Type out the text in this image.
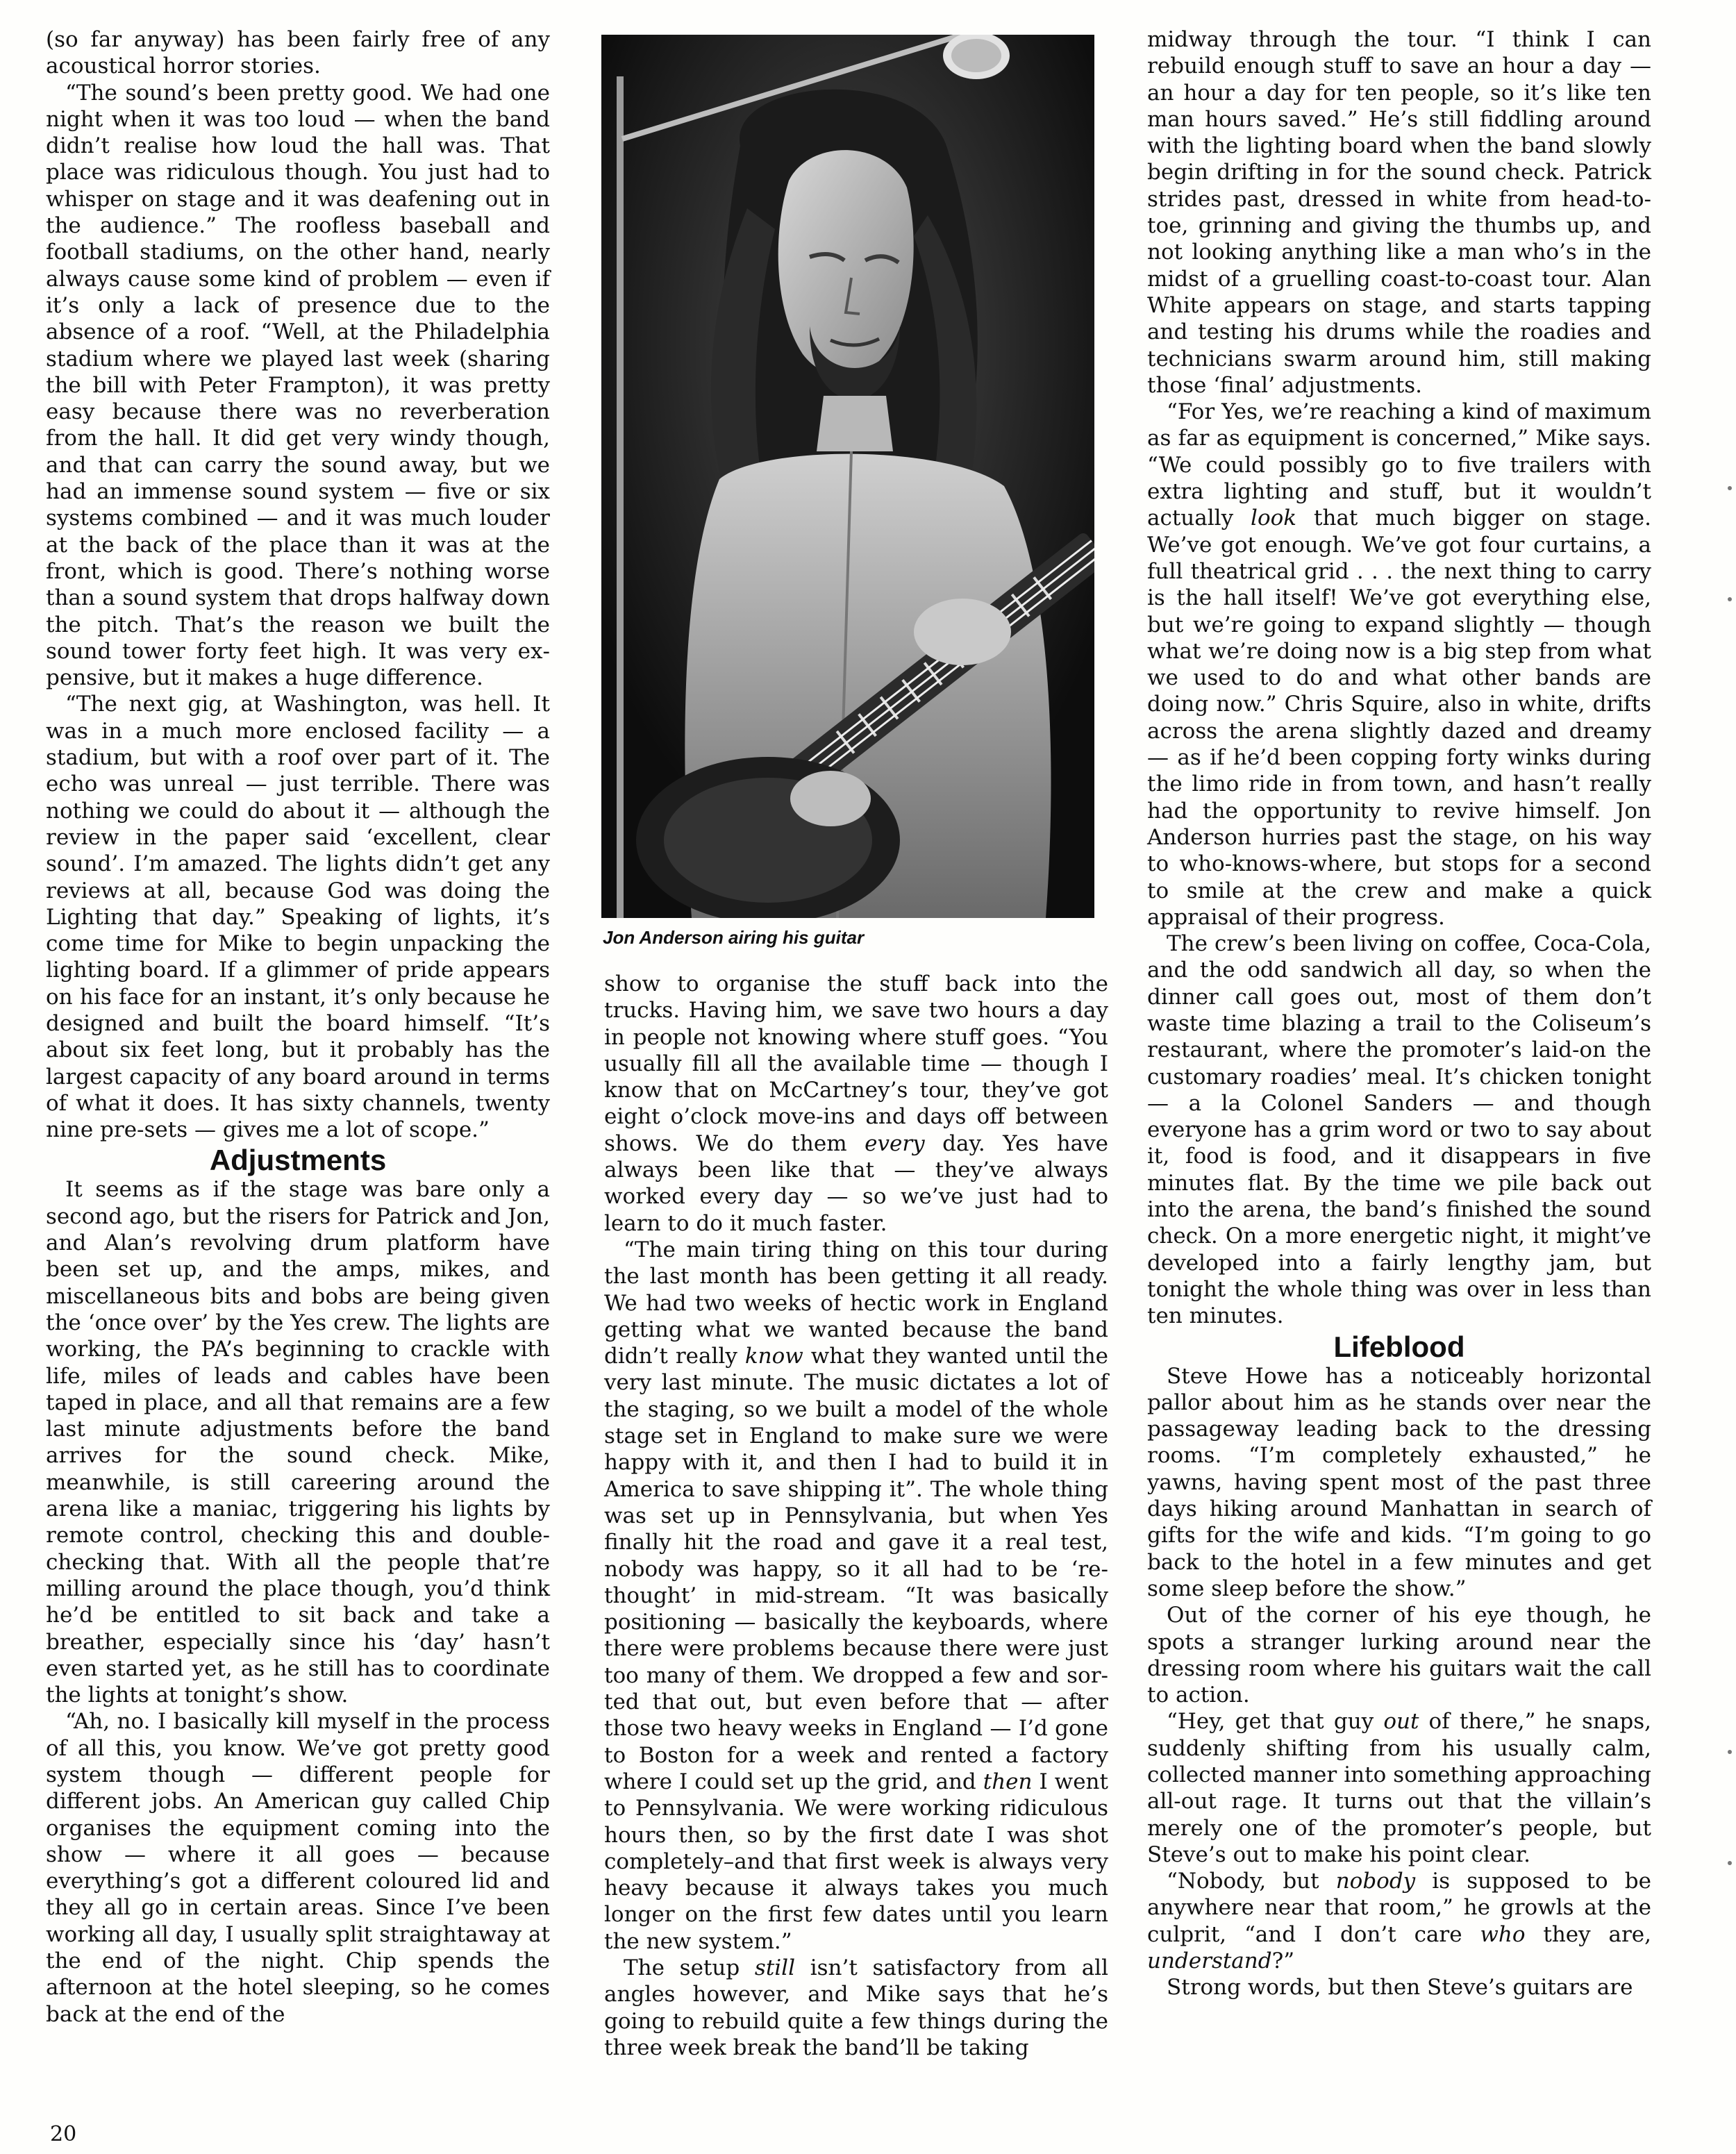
(so far anyway) has been fairly free of any acoustical horror stories.

“The sound’s been pretty good. We had one night when it was too loud — when the band didn’t realise how loud the hall was. That place was ridiculous though. You just had to whisper on stage and it was deafening out in the audience.” The roofless baseball and football stadiums, on the other hand, nearly always cause some kind of problem — even if it’s only a lack of presence due to the absence of a roof. “Well, at the Philadelphia stadium where we played last week (sharing the bill with Peter Frampton), it was pretty easy because there was no reverberation from the hall. It did get very windy though, and that can carry the sound away, but we had an immense sound system — five or six systems combined — and it was much louder at the back of the place than it was at the front, which is good. There’s nothing worse than a sound system that drops halfway down the pitch. That’s the reason we built the sound tower forty feet high. It was very expensive, but it makes a huge difference.

“The next gig, at Washington, was hell. It was in a much more enclosed facility — a stadium, but with a roof over part of it. The echo was unreal — just terrible. There was nothing we could do about it — although the review in the paper said ‘excellent, clear sound’. I’m amazed. The lights didn’t get any reviews at all, because God was doing the Lighting that day.” Speaking of lights, it’s come time for Mike to begin unpacking the lighting board. If a glimmer of pride appears on his face for an instant, it’s only because he designed and built the board himself. “It’s about six feet long, but it probably has the largest capacity of any board around in terms of what it does. It has sixty channels, twenty nine pre-sets — gives me a lot of scope.”

Adjustments

It seems as if the stage was bare only a second ago, but the risers for Patrick and Jon, and Alan’s revolving drum platform have been set up, and the amps, mikes, and miscellaneous bits and bobs are being given the ‘once over’ by the Yes crew. The lights are working, the PA’s beginning to crackle with life, miles of leads and cables have been taped in place, and all that remains are a few last minute adjustments before the band arrives for the sound check. Mike, meanwhile, is still careering around the arena like a maniac, triggering his lights by remote control, checking this and double-checking that. With all the people that’re milling around the place though, you’d think he’d be entitled to sit back and take a breather, especially since his ‘day’ hasn’t even started yet, as he still has to coordinate the lights at tonight’s show.

“Ah, no. I basically kill myself in the process of all this, you know. We’ve got pretty good system though — different people for different jobs. An American guy called Chip organises the equipment coming into the show — where it all goes — because everything’s got a different coloured lid and they all go in certain areas. Since I’ve been working all day, I usually split straightaway at the end of the night. Chip spends the afternoon at the hotel sleeping, so he comes back at the end of the

Jon Anderson airing his guitar

show to organise the stuff back into the trucks. Having him, we save two hours a day in people not knowing where stuff goes. “You usually fill all the available time — though I know that on McCartney’s tour, they’ve got eight o’clock move-ins and days off between shows. We do them every day. Yes have always been like that — they’ve always worked every day — so we’ve just had to learn to do it much faster.

“The main tiring thing on this tour during the last month has been getting it all ready. We had two weeks of hectic work in England getting what we wanted because the band didn’t really know what they wanted until the very last minute. The music dictates a lot of the staging, so we built a model of the whole stage set in England to make sure we were happy with it, and then I had to build it in America to save shipping it”. The whole thing was set up in Pennsylvania, but when Yes finally hit the road and gave it a real test, nobody was happy, so it all had to be ‘re-thought’ in mid-stream. “It was basically positioning — basically the keyboards, where there were problems because there were just too many of them. We dropped a few and sorted that out, but even before that — after those two heavy weeks in England — I’d gone to Boston for a week and rented a factory where I could set up the grid, and then I went to Pennsylvania. We were working ridiculous hours then, so by the first date I was shot completely–and that first week is always very heavy because it always takes you much longer on the first few dates until you learn the new system.”

The setup still isn’t satisfactory from all angles however, and Mike says that he’s going to rebuild quite a few things during the three week break the band’ll be taking

midway through the tour. “I think I can rebuild enough stuff to save an hour a day — an hour a day for ten people, so it’s like ten man hours saved.” He’s still fiddling around with the lighting board when the band slowly begin drifting in for the sound check. Patrick strides past, dressed in white from head-to-toe, grinning and giving the thumbs up, and not looking anything like a man who’s in the midst of a gruelling coast-to-coast tour. Alan White appears on stage, and starts tapping and testing his drums while the roadies and technicians swarm around him, still making those ‘final’ adjustments.

“For Yes, we’re reaching a kind of maximum as far as equipment is concerned,” Mike says. “We could possibly go to five trailers with extra lighting and stuff, but it wouldn’t actually look that much bigger on stage. We’ve got enough. We’ve got four curtains, a full theatrical grid . . . the next thing to carry is the hall itself! We’ve got everything else, but we’re going to expand slightly — though what we’re doing now is a big step from what we used to do and what other bands are doing now.” Chris Squire, also in white, drifts across the arena slightly dazed and dreamy — as if he’d been copping forty winks during the limo ride in from town, and hasn’t really had the opportunity to revive himself. Jon Anderson hurries past the stage, on his way to who-knows-where, but stops for a second to smile at the crew and make a quick appraisal of their progress.

The crew’s been living on coffee, Coca-Cola, and the odd sandwich all day, so when the dinner call goes out, most of them don’t waste time blazing a trail to the Coliseum’s restaurant, where the promoter’s laid-on the customary roadies’ meal. It’s chicken tonight — a la Colonel Sanders — and though everyone has a grim word or two to say about it, food is food, and it disappears in five minutes flat. By the time we pile back out into the arena, the band’s finished the sound check. On a more energetic night, it might’ve developed into a fairly lengthy jam, but tonight the whole thing was over in less than ten minutes.

Lifeblood

Steve Howe has a noticeably horizontal pallor about him as he stands over near the passageway leading back to the dressing rooms. “I’m completely exhausted,” he yawns, having spent most of the past three days hiking around Manhattan in search of gifts for the wife and kids. “I’m going to go back to the hotel in a few minutes and get some sleep before the show.”

Out of the corner of his eye though, he spots a stranger lurking around near the dressing room where his guitars wait the call to action.

“Hey, get that guy out of there,” he snaps, suddenly shifting from his usually calm, collected manner into something approaching all-out rage. It turns out that the villain’s merely one of the promoter’s people, but Steve’s out to make his point clear.

“Nobody, but nobody is supposed to be anywhere near that room,” he growls at the culprit, “and I don’t care who they are, understand?”

Strong words, but then Steve’s guitars are

20
